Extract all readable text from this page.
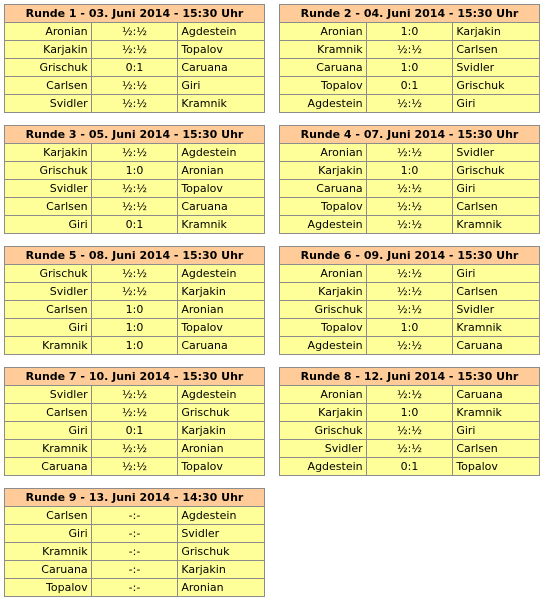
Runde 1 - 03. Juni 2014 - 15:30 Uhr		
Aronian	½:½	Agdestein
Karjakin	½:½	Topalov
Grischuk	0:1	Caruana
Carlsen	½:½	Giri
Svidler	½:½	Kramnik
Runde 2 - 04. Juni 2014 - 15:30 Uhr		
Aronian	1:0	Karjakin
Kramnik	½:½	Carlsen
Caruana	1:0	Svidler
Topalov	0:1	Grischuk
Agdestein	½:½	Giri
Runde 3 - 05. Juni 2014 - 15:30 Uhr		
Karjakin	½:½	Agdestein
Grischuk	1:0	Aronian
Svidler	½:½	Topalov
Carlsen	½:½	Caruana
Giri	0:1	Kramnik
Runde 4 - 07. Juni 2014 - 15:30 Uhr		
Aronian	½:½	Svidler
Karjakin	1:0	Grischuk
Caruana	½:½	Giri
Topalov	½:½	Carlsen
Agdestein	½:½	Kramnik
Runde 5 - 08. Juni 2014 - 15:30 Uhr		
Grischuk	½:½	Agdestein
Svidler	½:½	Karjakin
Carlsen	1:0	Aronian
Giri	1:0	Topalov
Kramnik	1:0	Caruana
Runde 6 - 09. Juni 2014 - 15:30 Uhr		
Aronian	½:½	Giri
Karjakin	½:½	Carlsen
Grischuk	½:½	Svidler
Topalov	1:0	Kramnik
Agdestein	½:½	Caruana
Runde 7 - 10. Juni 2014 - 15:30 Uhr		
Svidler	½:½	Agdestein
Carlsen	½:½	Grischuk
Giri	0:1	Karjakin
Kramnik	½:½	Aronian
Caruana	½:½	Topalov
Runde 8 - 12. Juni 2014 - 15:30 Uhr		
Aronian	½:½	Caruana
Karjakin	1:0	Kramnik
Grischuk	½:½	Giri
Svidler	½:½	Carlsen
Agdestein	0:1	Topalov
Runde 9 - 13. Juni 2014 - 14:30 Uhr		
Carlsen	-:-	Agdestein
Giri	-:-	Svidler
Kramnik	-:-	Grischuk
Caruana	-:-	Karjakin
Topalov	-:-	Aronian
